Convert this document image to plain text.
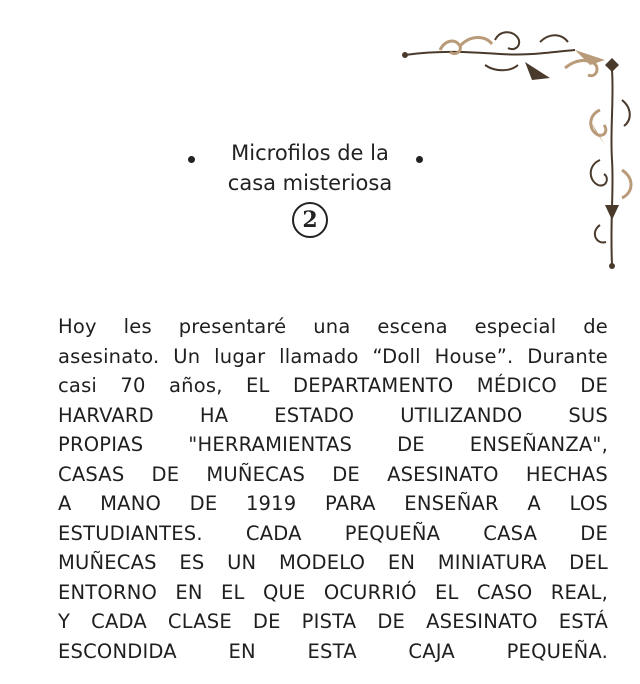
Microfilos de la
casa misteriosa
2
Hoy les presentaré una escena especial de
asesinato. Un lugar llamado “Doll House”. Durante
casi 70 años, EL DEPARTAMENTO MÉDICO DE
HARVARD HA ESTADO UTILIZANDO SUS
PROPIAS "HERRAMIENTAS DE ENSEÑANZA",
CASAS DE MUÑECAS DE ASESINATO HECHAS
A MANO DE 1919 PARA ENSEÑAR A LOS
ESTUDIANTES. CADA PEQUEÑA CASA DE
MUÑECAS ES UN MODELO EN MINIATURA DEL
ENTORNO EN EL QUE OCURRIÓ EL CASO REAL,
Y CADA CLASE DE PISTA DE ASESINATO ESTÁ
ESCONDIDA EN ESTA CAJA PEQUEÑA.
